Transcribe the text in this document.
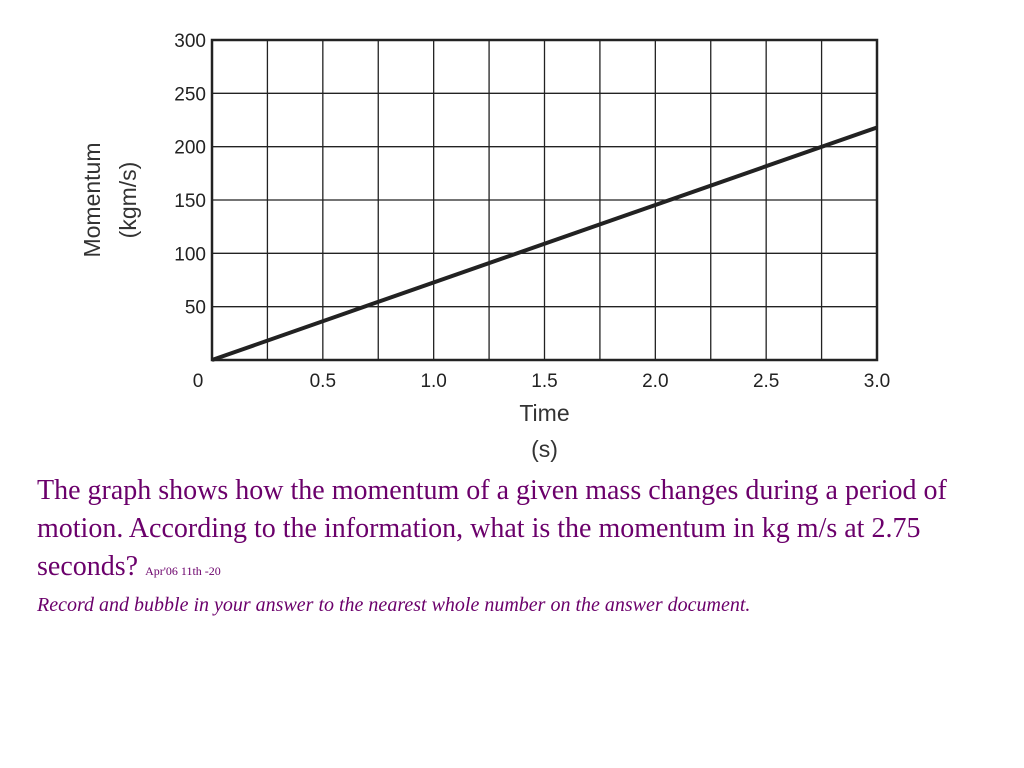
50
100
150
200
250
300
0	0.5	1.0	1.5	2.0	2.5	3.0
Time
(s)
Momentum (kgm/s)
The graph shows how the momentum of a given mass changes during a period of motion. According to the information, what is the momentum in kg m/s at 2.75 seconds? Apr'06 11th -20
Record and bubble in your answer to the nearest whole number on the answer document.
